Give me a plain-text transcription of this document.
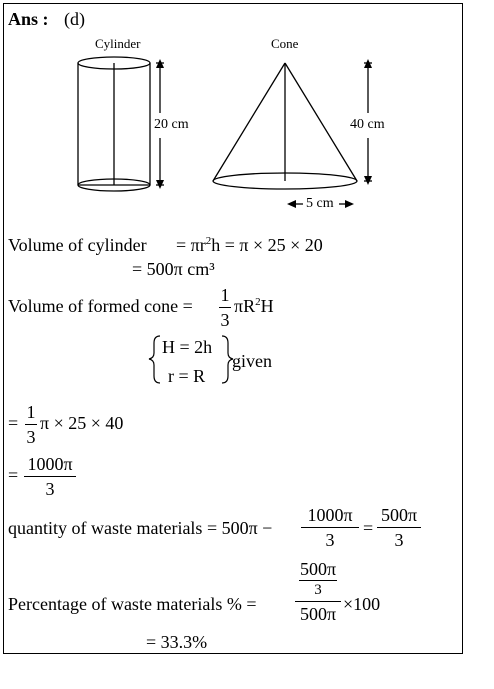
Ans : (d)
Cylinder	Cone
20 cm	40 cm
5 cm
Volume of cylinder = $\pi r^2h = \pi \times 25 \times 20$
= 500π cm³
Volume of formed cone =
1
3
$\pi R^2H$
H = 2h
r = R
given
=
1
3
π × 25 × 40
=
1000π
3
quantity of waste materials = 500π −
1000π
3
=
500π
3
Percentage of waste materials % =
500π
3
500π ×100
= 33.3%
